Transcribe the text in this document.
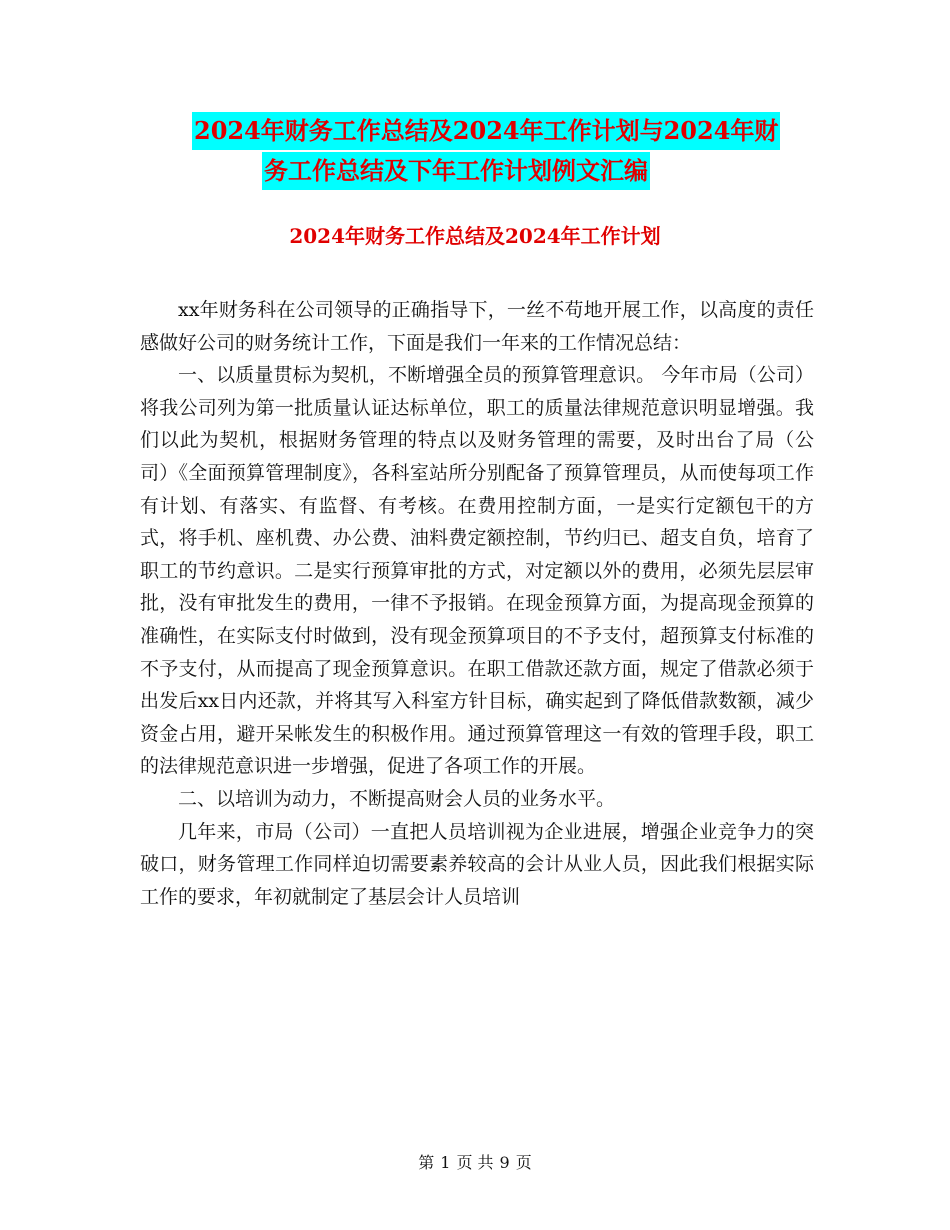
2024年财务工作总结及2024年工作计划与2024年财
务工作总结及下年工作计划例文汇编
2024年财务工作总结及2024年工作计划

xx年财务科在公司领导的正确指导下，一丝不苟地开展工作，以高度的责任感做好公司的财务统计工作，下面是我们一年来的工作情况总结：

一、以质量贯标为契机，不断增强全员的预算管理意识。 今年市局（公司）将我公司列为第一批质量认证达标单位，职工的质量法律规范意识明显增强。我们以此为契机，根据财务管理的特点以及财务管理的需要，及时出台了局（公司）《全面预算管理制度》，各科室站所分别配备了预算管理员，从而使每项工作有计划、有落实、有监督、有考核。在费用控制方面，一是实行定额包干的方式，将手机、座机费、办公费、油料费定额控制，节约归已、超支自负，培育了职工的节约意识。二是实行预算审批的方式，对定额以外的费用，必须先层层审批，没有审批发生的费用，一律不予报销。在现金预算方面，为提高现金预算的准确性，在实际支付时做到，没有现金预算项目的不予支付，超预算支付标准的不予支付，从而提高了现金预算意识。在职工借款还款方面，规定了借款必须于出发后xx日内还款，并将其写入科室方针目标，确实起到了降低借款数额，减少资金占用，避开呆帐发生的积极作用。通过预算管理这一有效的管理手段，职工的法律规范意识进一步增强，促进了各项工作的开展。

二、以培训为动力，不断提高财会人员的业务水平。

几年来，市局（公司）一直把人员培训视为企业进展，增强企业竞争力的突破口，财务管理工作同样迫切需要素养较高的会计从业人员，因此我们根据实际工作的要求，年初就制定了基层会计人员培训

第 1 页 共 9 页
